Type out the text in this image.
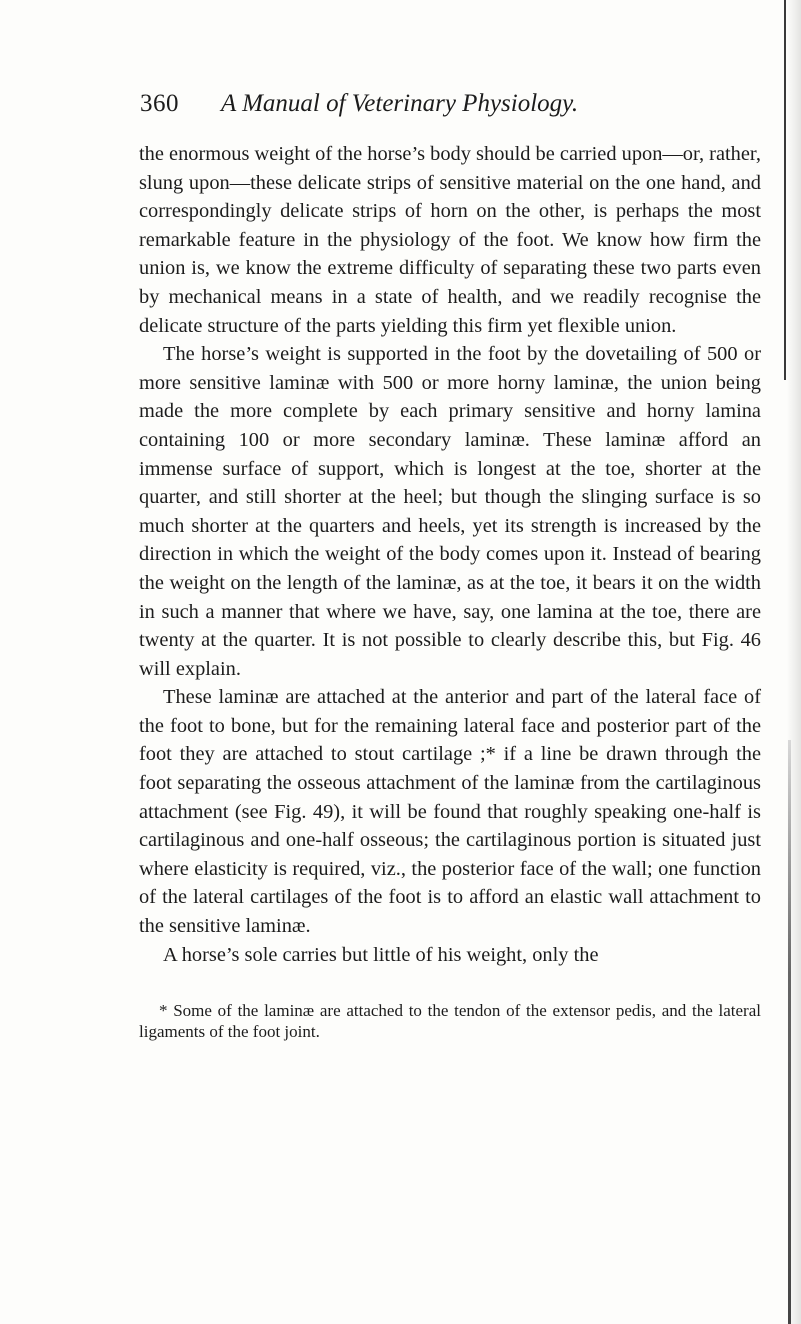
360 A Manual of Veterinary Physiology.

the enormous weight of the horse’s body should be carried upon—or, rather, slung upon—these delicate strips of sensitive material on the one hand, and correspondingly delicate strips of horn on the other, is perhaps the most remarkable feature in the physiology of the foot. We know how firm the union is, we know the extreme difficulty of separating these two parts even by mechanical means in a state of health, and we readily recognise the delicate structure of the parts yielding this firm yet flexible union.

The horse’s weight is supported in the foot by the dovetailing of 500 or more sensitive laminæ with 500 or more horny laminæ, the union being made the more complete by each primary sensitive and horny lamina containing 100 or more secondary laminæ. These laminæ afford an immense surface of support, which is longest at the toe, shorter at the quarter, and still shorter at the heel; but though the slinging surface is so much shorter at the quarters and heels, yet its strength is increased by the direction in which the weight of the body comes upon it. Instead of bearing the weight on the length of the laminæ, as at the toe, it bears it on the width in such a manner that where we have, say, one lamina at the toe, there are twenty at the quarter. It is not possible to clearly describe this, but Fig. 46 will explain.

These laminæ are attached at the anterior and part of the lateral face of the foot to bone, but for the remaining lateral face and posterior part of the foot they are attached to stout cartilage ;* if a line be drawn through the foot separating the osseous attachment of the laminæ from the cartilaginous attachment (see Fig. 49), it will be found that roughly speaking one-half is cartilaginous and one-half osseous; the cartilaginous portion is situated just where elasticity is required, viz., the posterior face of the wall; one function of the lateral cartilages of the foot is to afford an elastic wall attachment to the sensitive laminæ.

A horse’s sole carries but little of his weight, only the

* Some of the laminæ are attached to the tendon of the extensor pedis, and the lateral ligaments of the foot joint.
